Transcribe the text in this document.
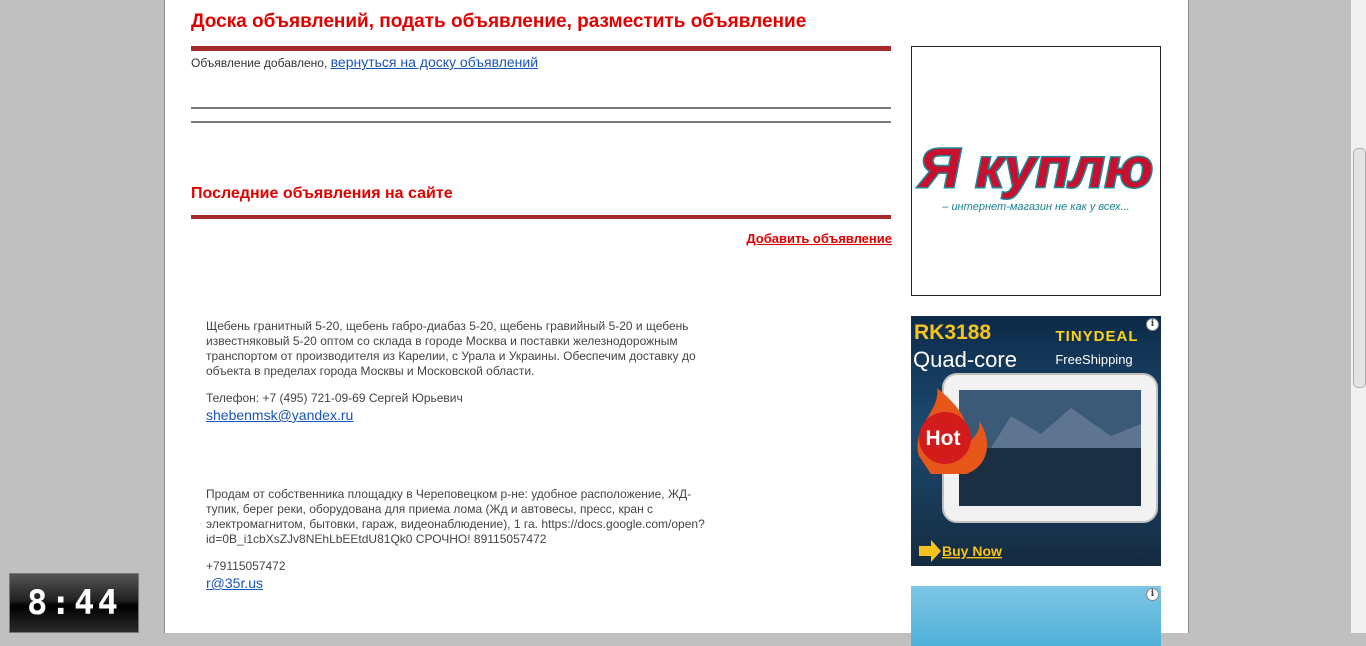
Доска объявлений, подать объявление, разместить объявление
Объявление добавлено, вернуться на доску объявлений
Последние объявления на сайте
Добавить объявление

Щебень гранитный 5-20, щебень габро-диабаз 5-20, щебень гравийный 5-20 и щебень известняковый 5-20 оптом со склада в городе Москва и поставки железнодорожным транспортом от производителя из Карелии, с Урала и Украины. Обеспечим доставку до объекта в пределах города Москвы и Московской области.

Телефон: +7 (495) 721-09-69 Сергей Юрьевич

shebenmsk@yandex.ru

Продам от собственника площадку в Череповецком р-не: удобное расположение, ЖД-тупик, берег реки, оборудована для приема лома (Жд и автовесы, пресс, кран с электромагнитом, бытовки, гараж, видеонаблюдение), 1 га. https://docs.google.com/open?id=0B_i1cbXsZJv8NEhLbEEtdU81Qk0 СРОЧНО! 89115057472

+79115057472

r@35r.us
Я куплю
– интернет-магазин не как у всех...
Hot
RK3188
Quad-core
TINYDEAL
FreeShipping
Buy Now
i
i
8:44
